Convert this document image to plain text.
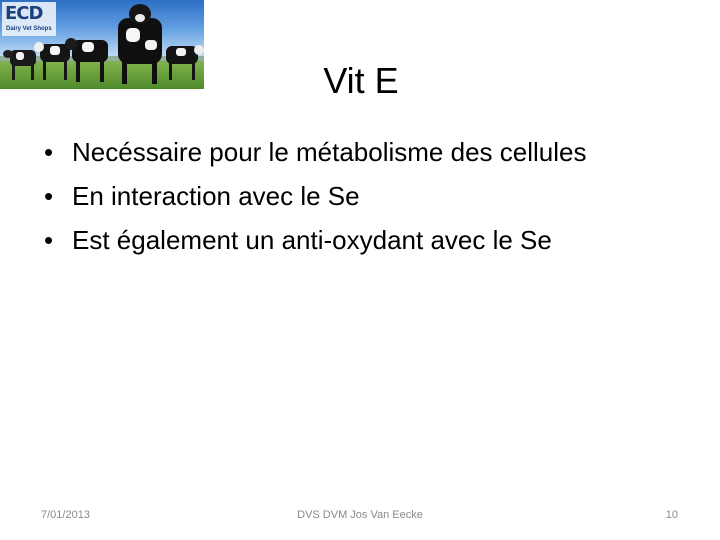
ECD
Dairy Vet Shops
Vit E
• Necéssaire pour le métabolisme des cellules
• En interaction avec le Se
• Est également un anti-oxydant avec le Se
7/01/2013	DVS DVM Jos Van Eecke	10
